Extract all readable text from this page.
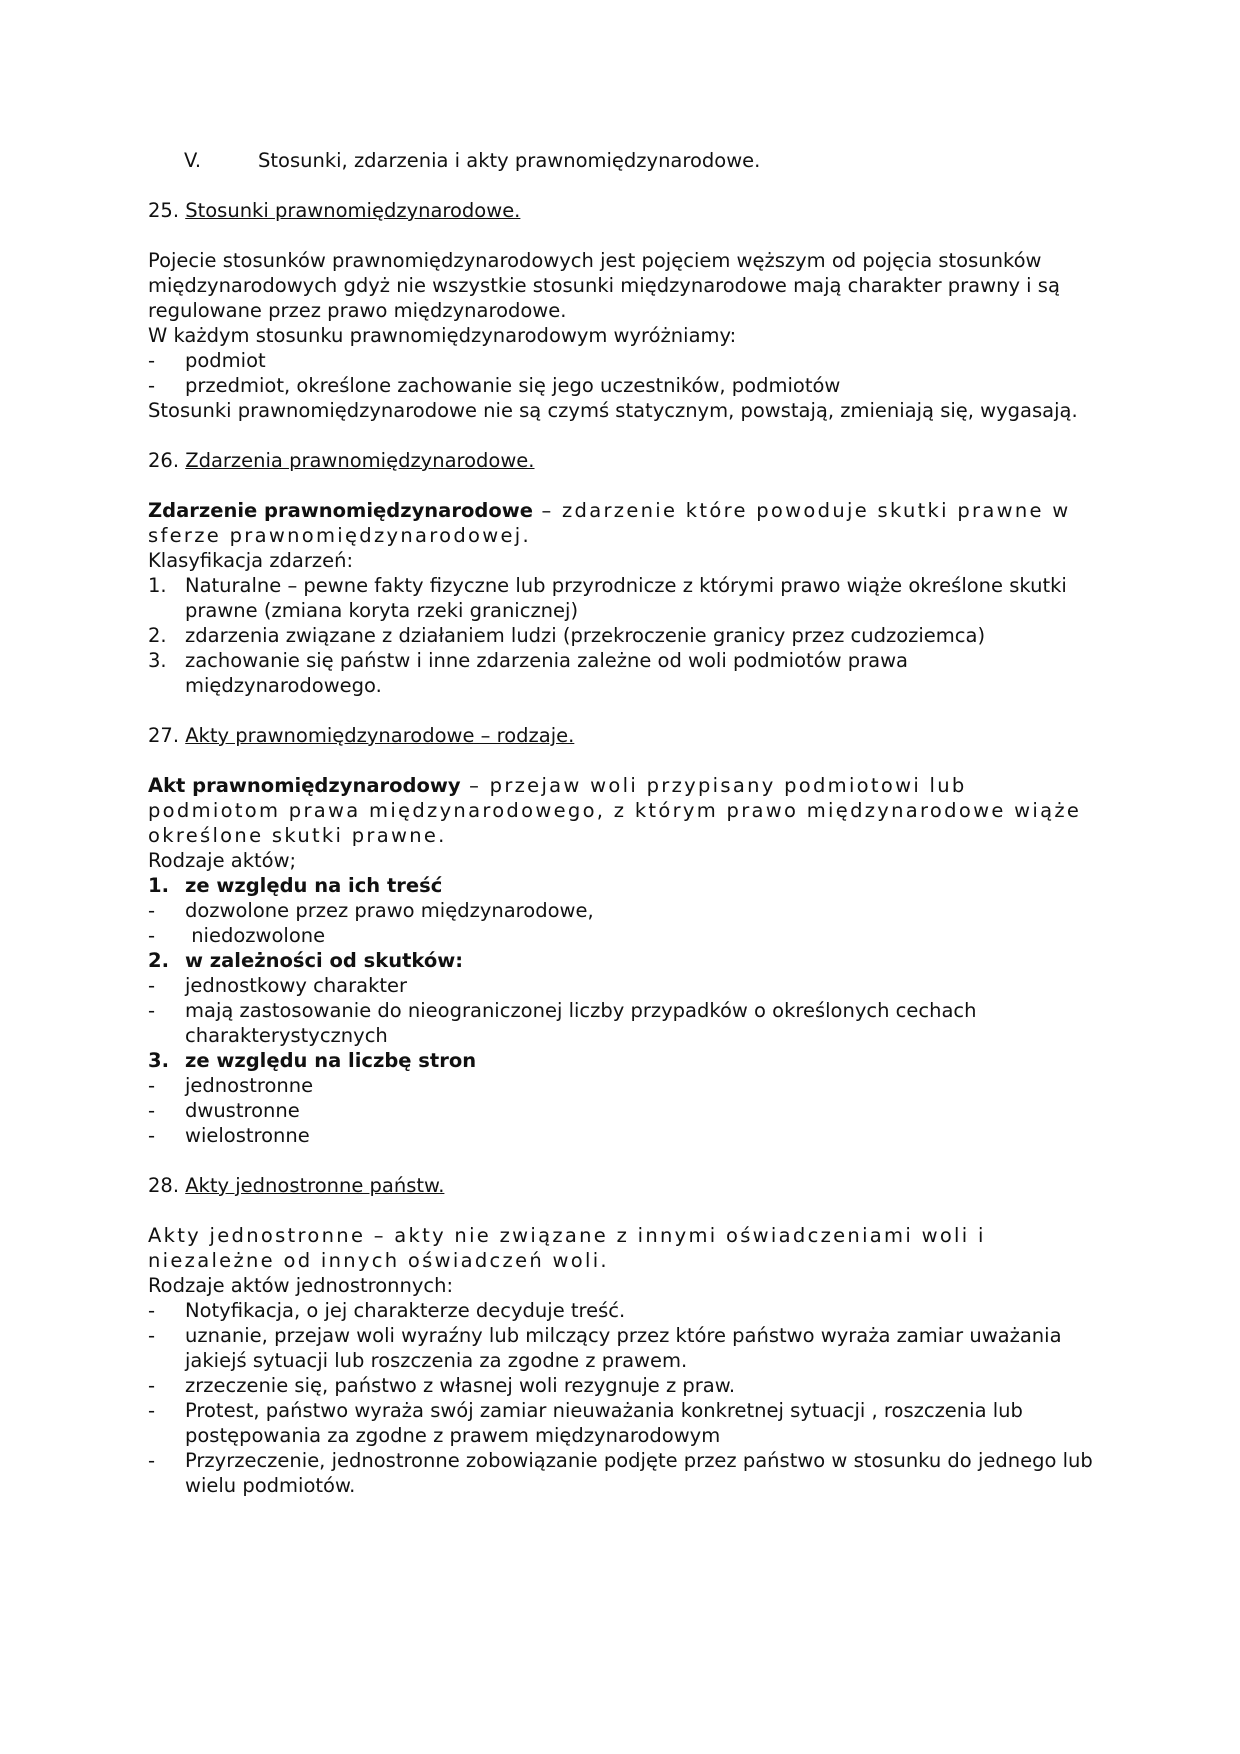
V.	Stosunki, zdarzenia i akty prawnomiędzynarodowe.
25. Stosunki prawnomiędzynarodowe.

Pojecie stosunków prawnomiędzynarodowych jest pojęciem węższym od pojęcia stosunków międzynarodowych gdyż nie wszystkie stosunki międzynarodowe mają charakter prawny i są regulowane przez prawo międzynarodowe.

W każdym stosunku prawnomiędzynarodowym wyróżniamy:

- podmiot
- przedmiot, określone zachowanie się jego uczestników, podmiotów

Stosunki prawnomiędzynarodowe nie są czymś statycznym, powstają, zmieniają się, wygasają.

26. Zdarzenia prawnomiędzynarodowe.

Zdarzenie prawnomiędzynarodowe – zdarzenie które powoduje skutki prawne w sferze prawnomiędzynarodowej.

Klasyfikacja zdarzeń:

1. Naturalne – pewne fakty fizyczne lub przyrodnicze z którymi prawo wiąże określone skutki prawne (zmiana koryta rzeki granicznej)
2. zdarzenia związane z działaniem ludzi (przekroczenie granicy przez cudzoziemca)
3. zachowanie się państw i inne zdarzenia zależne od woli podmiotów prawa międzynarodowego.
27. Akty prawnomiędzynarodowe – rodzaje.

Akt prawnomiędzynarodowy – przejaw woli przypisany podmiotowi lub podmiotom prawa międzynarodowego, z którym prawo międzynarodowe wiąże określone skutki prawne.

Rodzaje aktów;

1. ze względu na ich treść
- dozwolone przez prawo międzynarodowe,
- niedozwolone
2. w zależności od skutków:
- jednostkowy charakter
- mają zastosowanie do nieograniczonej liczby przypadków o określonych cechach charakterystycznych
3. ze względu na liczbę stron
- jednostronne
- dwustronne
- wielostronne
28. Akty jednostronne państw.

Akty jednostronne – akty nie związane z innymi oświadczeniami woli i niezależne od innych oświadczeń woli.

Rodzaje aktów jednostronnych:

- Notyfikacja, o jej charakterze decyduje treść.
- uznanie, przejaw woli wyraźny lub milczący przez które państwo wyraża zamiar uważania jakiejś sytuacji lub roszczenia za zgodne z prawem.
- zrzeczenie się, państwo z własnej woli rezygnuje z praw.
- Protest, państwo wyraża swój zamiar nieuważania konkretnej sytuacji , roszczenia lub postępowania za zgodne z prawem międzynarodowym
- Przyrzeczenie, jednostronne zobowiązanie podjęte przez państwo w stosunku do jednego lub wielu podmiotów.
